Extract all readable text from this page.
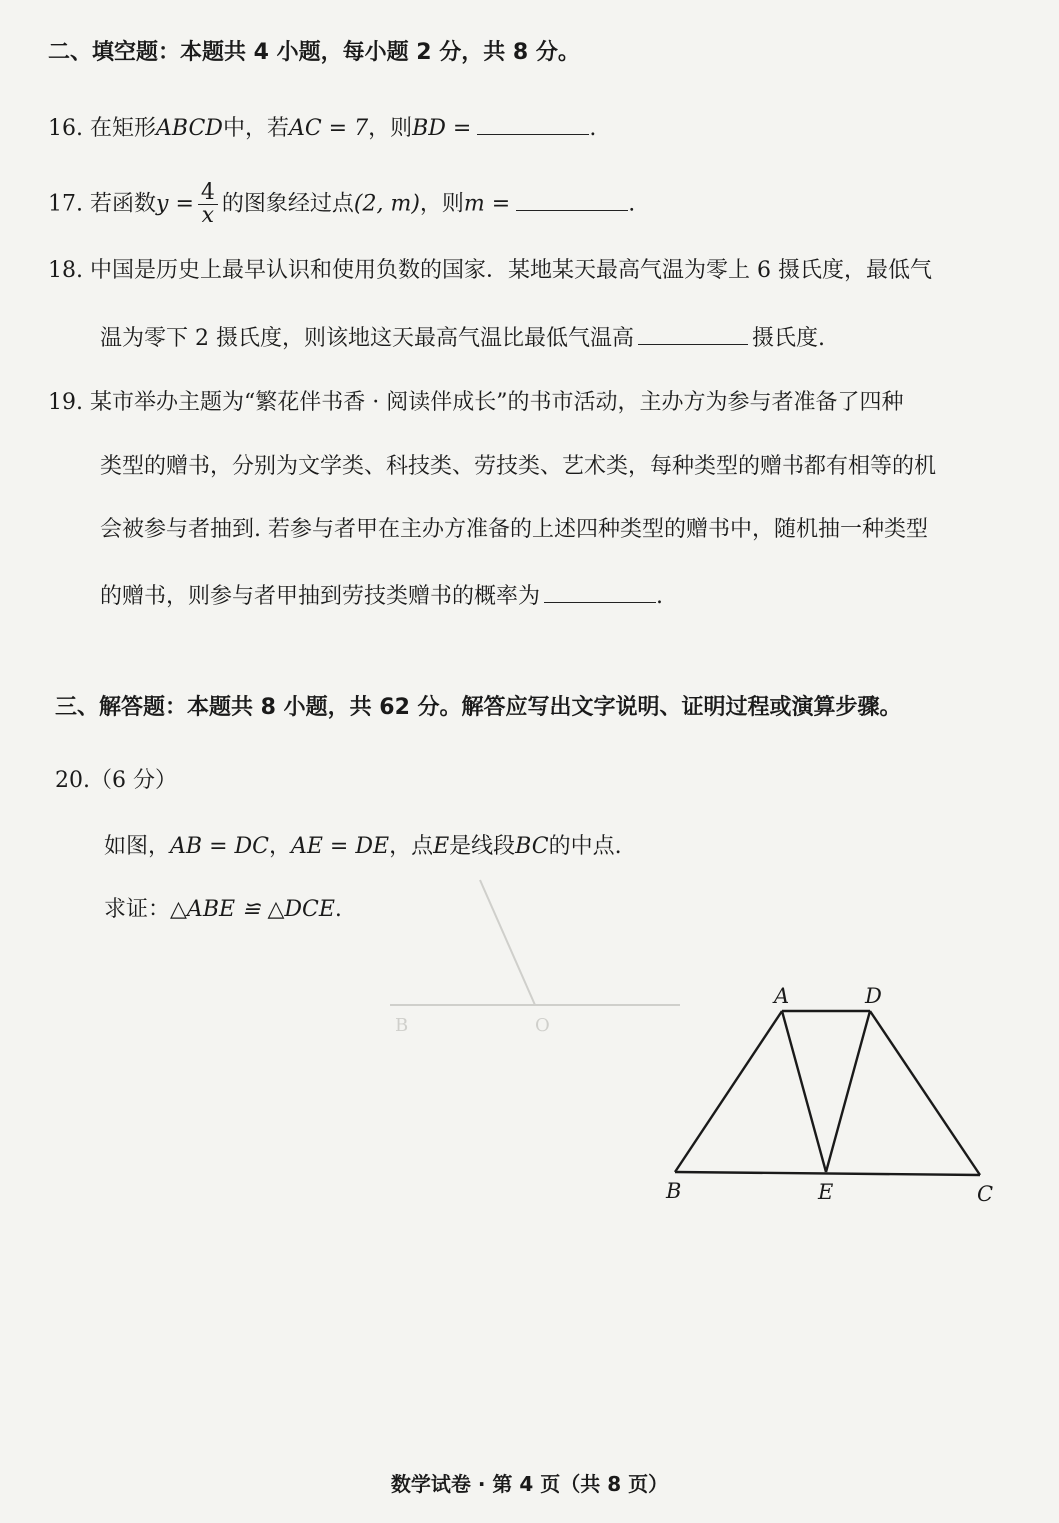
B	O
二、填空题：本题共 4 小题，每小题 2 分，共 8 分。
16. 在矩形ABCD中，若AC = 7，则BD =	.
17. 若函数$y = \frac{4}{x}$ 的图象经过点(2, m)，则m =	.
18. 中国是历史上最早认识和使用负数的国家．某地某天最高气温为零上 6 摄氏度，最低气
温为零下 2 摄氏度，则该地这天最高气温比最低气温高	摄氏度.
19. 某市举办主题为“繁花伴书香 · 阅读伴成长”的书市活动，主办方为参与者准备了四种
类型的赠书，分别为文学类、科技类、劳技类、艺术类，每种类型的赠书都有相等的机
会被参与者抽到. 若参与者甲在主办方准备的上述四种类型的赠书中，随机抽一种类型
的赠书，则参与者甲抽到劳技类赠书的概率为	.
三、解答题：本题共 8 小题，共 62 分。解答应写出文字说明、证明过程或演算步骤。
20.（6 分）
如图，AB = DC，AE = DE，点E是线段BC的中点.
求证：△ABE ≌ △DCE.
A	D
B	E	C
数学试卷 · 第 4 页（共 8 页）
